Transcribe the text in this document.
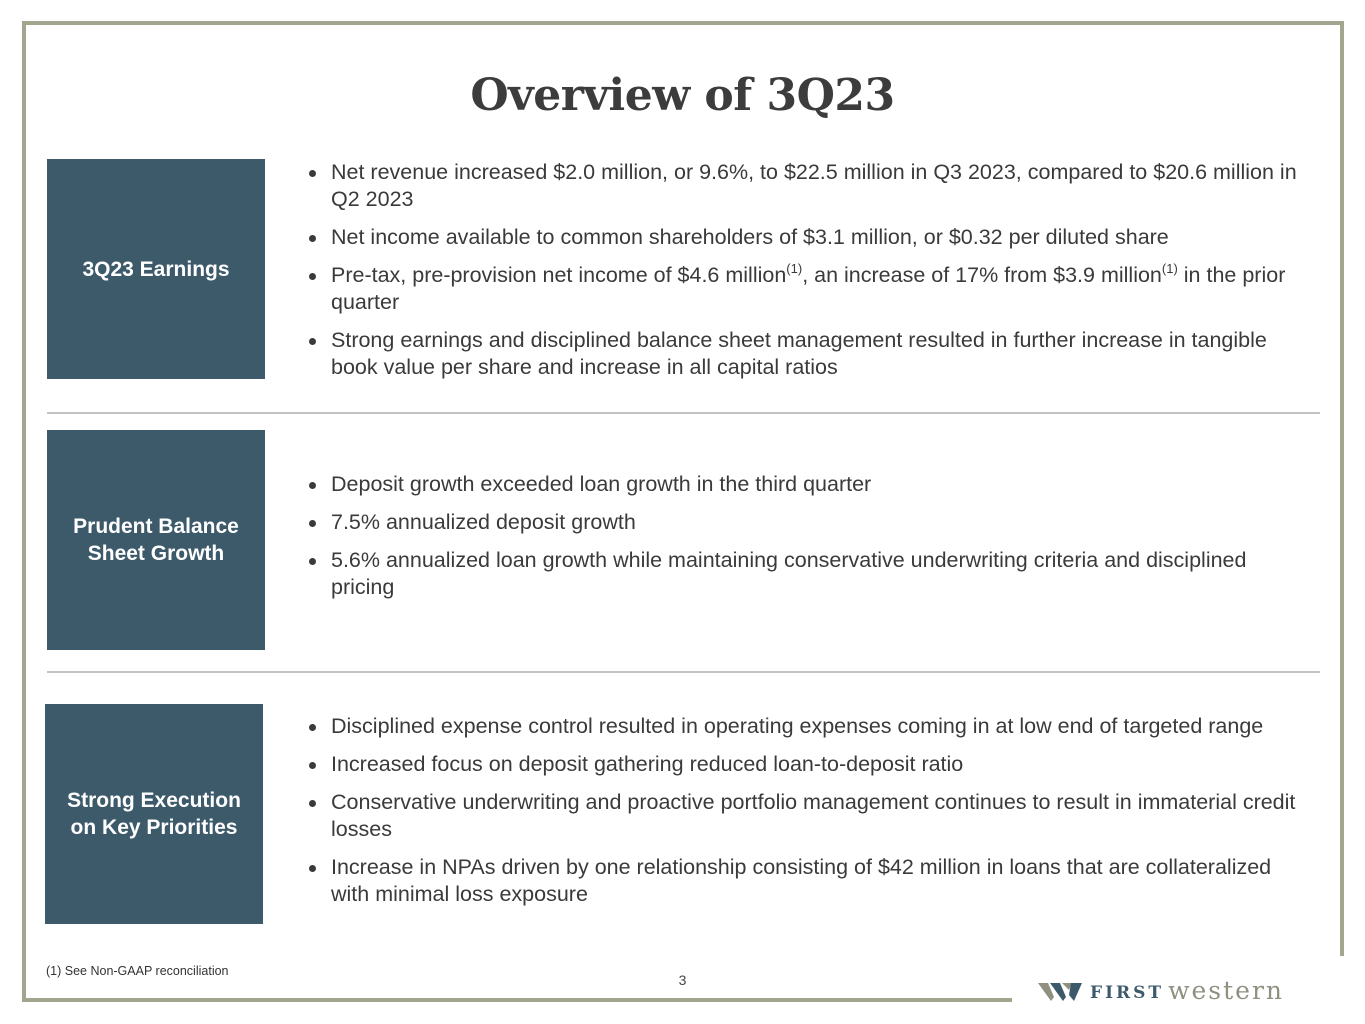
Overview of 3Q23
3Q23 Earnings
Net revenue increased $2.0 million, or 9.6%, to $22.5 million in Q3 2023, compared to $20.6 million in Q2 2023
Net income available to common shareholders of $3.1 million, or $0.32 per diluted share
Pre-tax, pre-provision net income of $4.6 million$^{(1)}$, an increase of 17% from $3.9 million$^{(1)}$ in the prior quarter
Strong earnings and disciplined balance sheet management resulted in further increase in tangible book value per share and increase in all capital ratios
Prudent Balance Sheet Growth
Deposit growth exceeded loan growth in the third quarter
7.5% annualized deposit growth
5.6% annualized loan growth while maintaining conservative underwriting criteria and disciplined pricing
Strong Execution on Key Priorities
Disciplined expense control resulted in operating expenses coming in at low end of targeted range
Increased focus on deposit gathering reduced loan-to-deposit ratio
Conservative underwriting and proactive portfolio management continues to result in immaterial credit losses
Increase in NPAs driven by one relationship consisting of $42 million in loans that are collateralized with minimal loss exposure
(1) See Non-GAAP reconciliation
3
FIRST western
